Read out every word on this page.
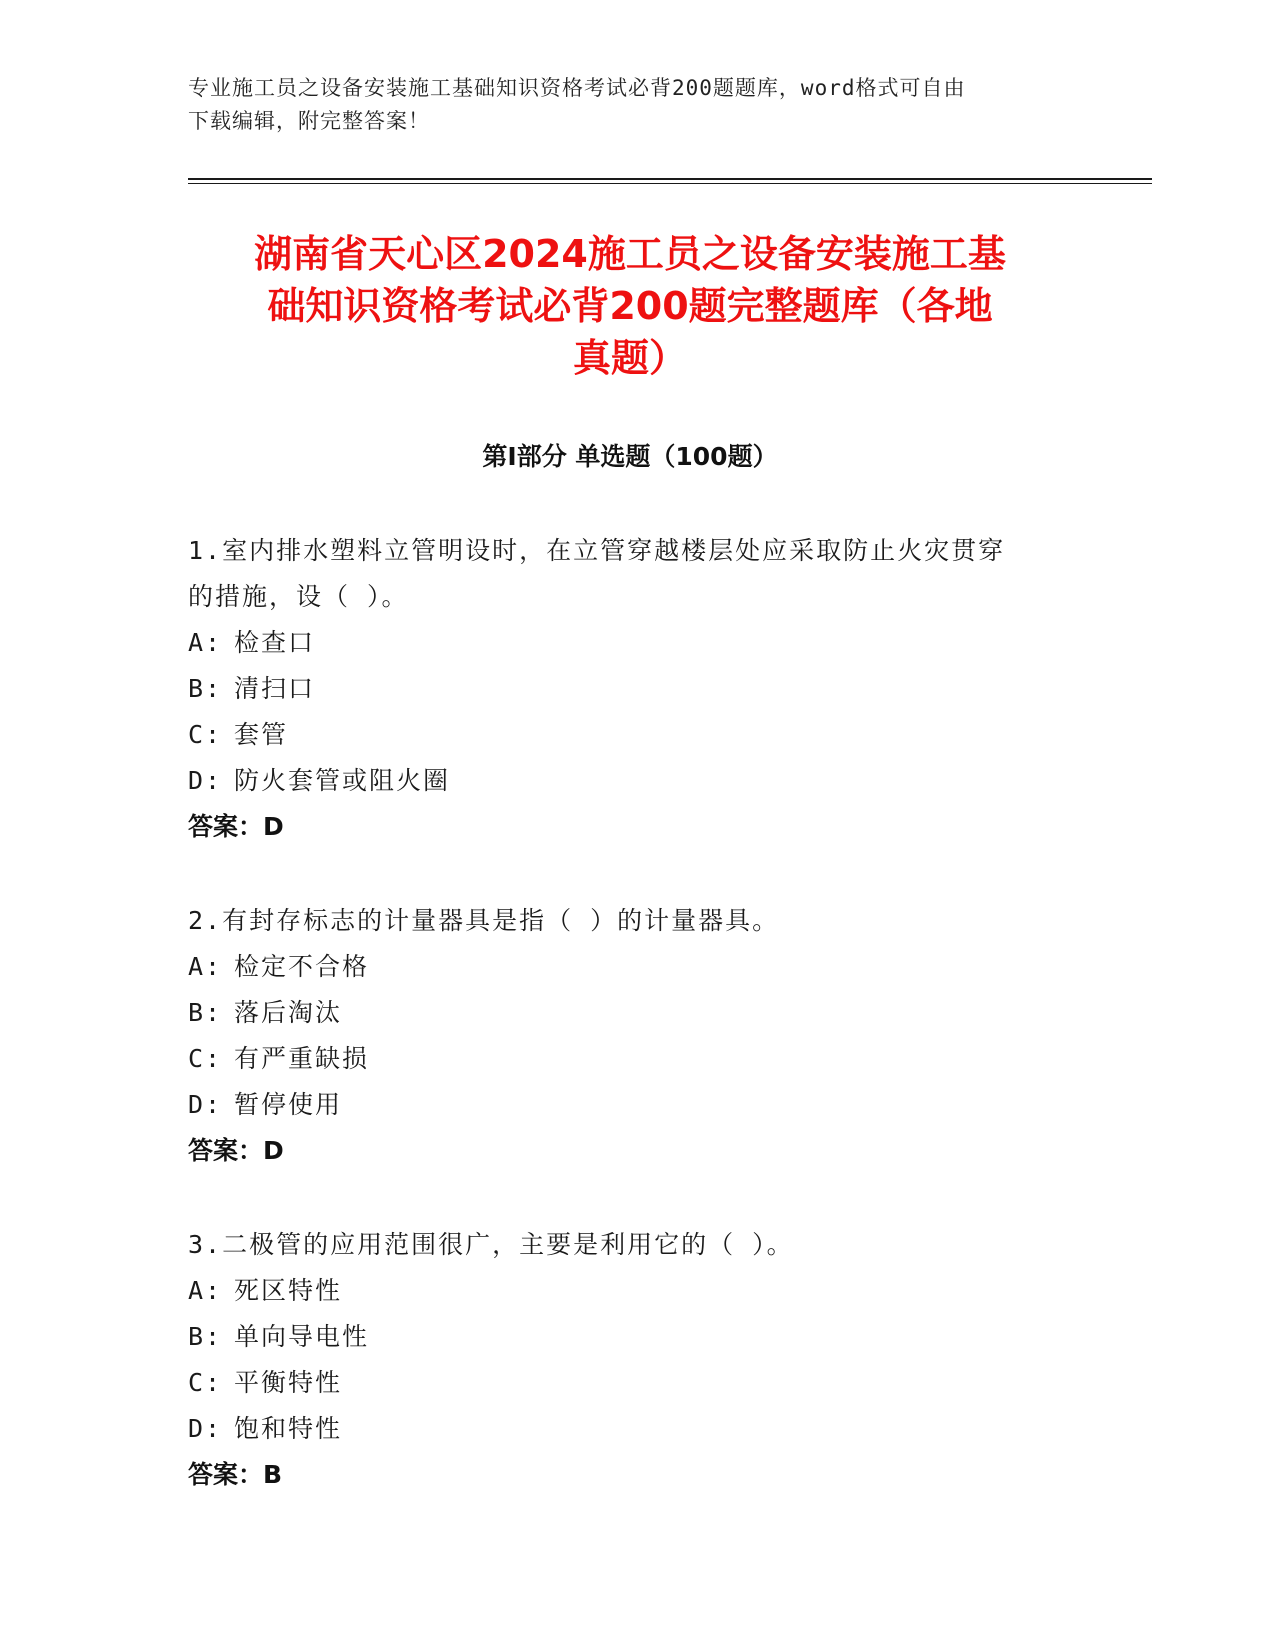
专业施工员之设备安装施工基础知识资格考试必背200题题库，word格式可自由
下载编辑，附完整答案！
湖南省天心区2024施工员之设备安装施工基
础知识资格考试必背200题完整题库（各地
真题）
第Ⅰ部分 单选题（100题）
1.室内排水塑料立管明设时，在立管穿越楼层处应采取防止火灾贯穿
的措施，设（ ）。
A: 检查口
B: 清扫口
C: 套管
D: 防火套管或阻火圈
答案：D
2.有封存标志的计量器具是指（ ）的计量器具。
A: 检定不合格
B: 落后淘汰
C: 有严重缺损
D: 暂停使用
答案：D
3.二极管的应用范围很广，主要是利用它的（ ）。
A: 死区特性
B: 单向导电性
C: 平衡特性
D: 饱和特性
答案：B
